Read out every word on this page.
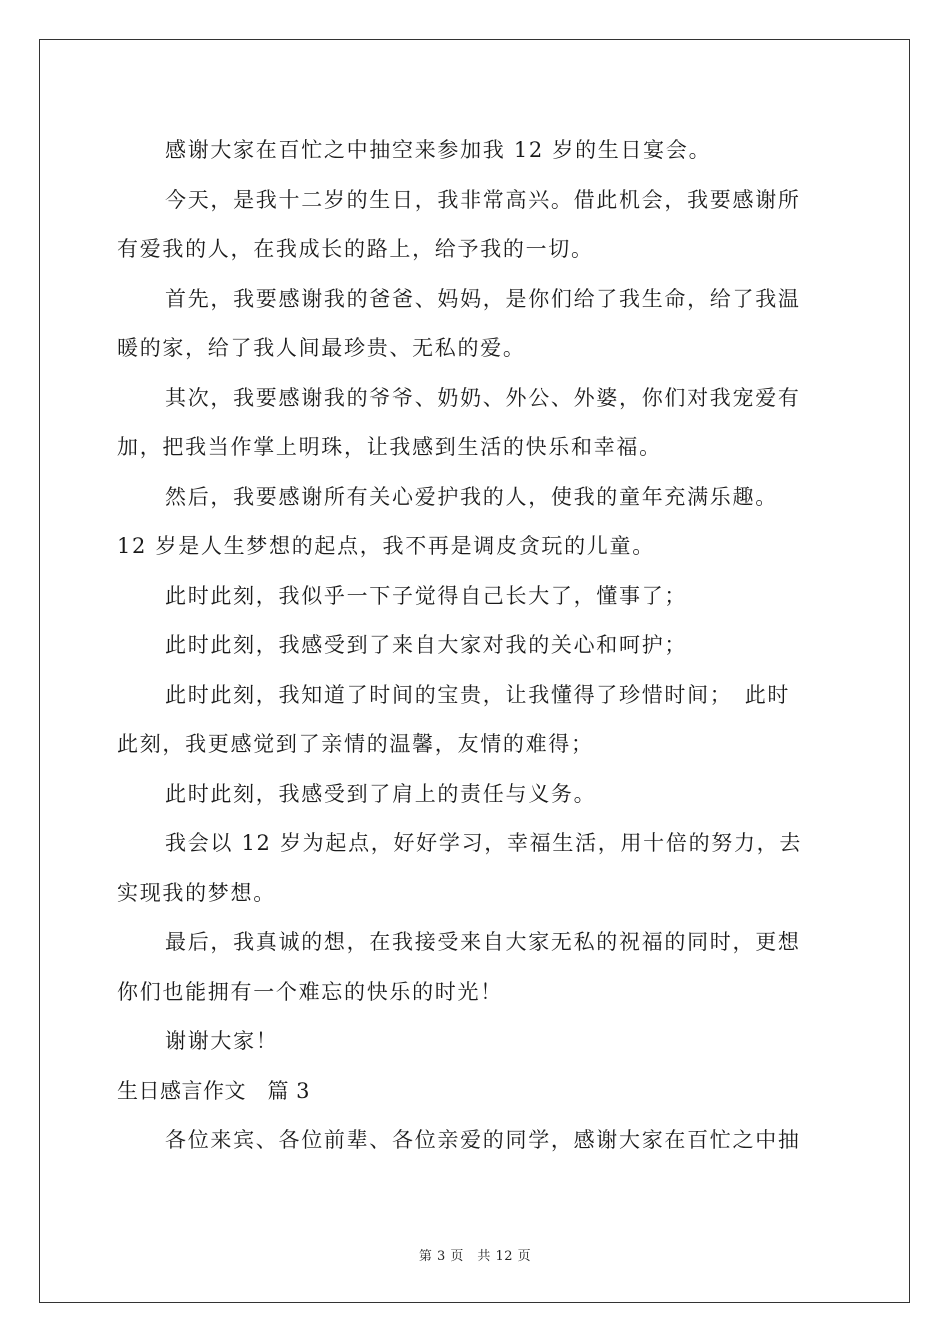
感谢大家在百忙之中抽空来参加我 12 岁的生日宴会。
今天，是我十二岁的生日，我非常高兴。借此机会，我要感谢所
有爱我的人，在我成长的路上，给予我的一切。
首先，我要感谢我的爸爸、妈妈，是你们给了我生命，给了我温
暖的家，给了我人间最珍贵、无私的爱。
其次，我要感谢我的爷爷、奶奶、外公、外婆，你们对我宠爱有
加，把我当作掌上明珠，让我感到生活的快乐和幸福。
然后，我要感谢所有关心爱护我的人，使我的童年充满乐趣。
12 岁是人生梦想的起点，我不再是调皮贪玩的儿童。
此时此刻，我似乎一下子觉得自己长大了，懂事了；
此时此刻，我感受到了来自大家对我的关心和呵护；
此时此刻，我知道了时间的宝贵，让我懂得了珍惜时间；　此时
此刻，我更感觉到了亲情的温馨，友情的难得；
此时此刻，我感受到了肩上的责任与义务。
我会以 12 岁为起点，好好学习，幸福生活，用十倍的努力，去
实现我的梦想。
最后，我真诚的想，在我接受来自大家无私的祝福的同时，更想
你们也能拥有一个难忘的快乐的时光！
谢谢大家！
生日感言作文　篇 3
各位来宾、各位前辈、各位亲爱的同学，感谢大家在百忙之中抽
第 3 页　共 12 页
